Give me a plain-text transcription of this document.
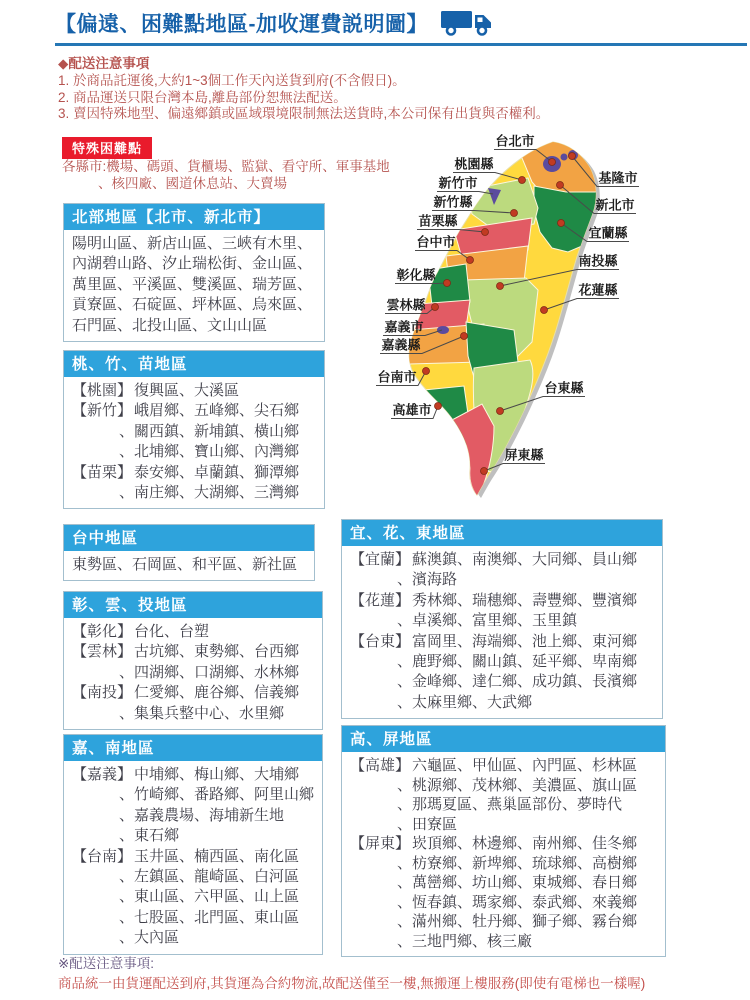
【偏遠、困難點地區-加收運費説明圖】
◆配送注意事項
1. 於商品託運後,大約1~3個工作天內送貨到府(不含假日)。
2. 商品運送只限台灣本島,離島部份恕無法配送。
3. 賣因特殊地型、偏遠鄉鎮或區域環境限制無法送貨時,本公司保有出貨與否權利。
特殊困難點
各縣市:機場、碼頭、貨櫃場、監獄、看守所、軍事基地
、核四廠、國道休息站、大賣場
北部地區【北市、新北市】
陽明山區、新店山區、三峽有木里、
內湖碧山路、汐止瑞松街、金山區、
萬里區、平溪區、雙溪區、瑞芳區、
貢寮區、石碇區、坪林區、烏來區、
石門區、北投山區、文山山區
桃、竹、苗地區
【桃園】 復興區、大溪區
【新竹】 峨眉鄉、五峰鄉、尖石鄉
、關西鎮、新埔鎮、橫山鄉
、北埔鄉、寶山鄉、內灣鄉
【苗栗】 泰安鄉、卓蘭鎮、獅潭鄉
、南庄鄉、大湖鄉、三灣鄉
台中地區
東勢區、石岡區、和平區、新社區
彰、雲、投地區
【彰化】 台化、台塑
【雲林】 古坑鄉、東勢鄉、台西鄉
、四湖鄉、口湖鄉、水林鄉
【南投】 仁愛鄉、鹿谷鄉、信義鄉
、集集兵整中心、水里鄉
嘉、南地區
【嘉義】 中埔鄉、梅山鄉、大埔鄉
、竹崎鄉、番路鄉、阿里山鄉
、嘉義農場、海埔新生地
、東石鄉
【台南】 玉井區、楠西區、南化區
、左鎮區、龍崎區、白河區
、東山區、六甲區、山上區
、七股區、北門區、東山區
、大內區
宜、花、東地區
【宜蘭】 蘇澳鎮、南澳鄉、大同鄉、員山鄉
、濱海路
【花蓮】 秀林鄉、瑞穗鄉、壽豐鄉、豐濱鄉
、卓溪鄉、富里鄉、玉里鎮
【台東】 富岡里、海端鄉、池上鄉、東河鄉
、鹿野鄉、關山鎮、延平鄉、卑南鄉
、金峰鄉、達仁鄉、成功鎮、長濱鄉
、太麻里鄉、大武鄉
高、屏地區
【高雄】 六龜區、甲仙區、內門區、杉林區
、桃源鄉、茂林鄉、美濃區、旗山區
、那瑪夏區、燕巢區部份、夢時代
、田寮區
【屏東】 崁頂鄉、林邊鄉、南州鄉、佳冬鄉
、枋寮鄉、新埤鄉、琉球鄉、高樹鄉
、萬巒鄉、坊山鄉、東城鄉、春日鄉
、恆春鎮、瑪家鄉、泰武鄉、來義鄉
、滿州鄉、牡丹鄉、獅子鄉、霧台鄉
、三地門鄉、核三廠
台北市
桃園縣
新竹市
新竹縣
苗栗縣
台中市
彰化縣
雲林縣
嘉義市
嘉義縣
台南市
高雄市
基隆市
新北市
宜蘭縣
南投縣
花蓮縣
台東縣
屏東縣
※配送注意事項:
商品統一由貨運配送到府,其貨運為合約物流,故配送僅至一樓,無搬運上樓服務(即使有電梯也一樣喔)
